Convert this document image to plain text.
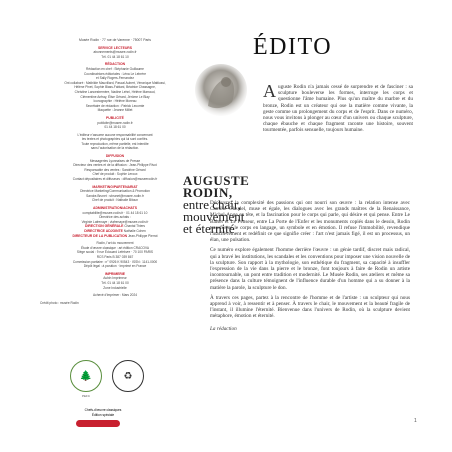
Musée Rodin · 77 rue de Varenne · 75007 Paris

SERVICE LECTEURS

abonnements@musee-rodin.fr

Tél. 01 44 18 61 10

RÉDACTION

Rédaction en chef : Stéphanie Guillaume

Coordinatrices éditoriales : Léna Le Lebrère

et Sally Rogers-Fernandez

Ont collaboré : Mathilde Mauvillard, Pascal Aubert, Véronique Mattiussi,

Hélène Pinet, Sophie Biass-Fabiani, Béatrice Chassagne,

Christine Lancestremère, Nadine Lehni, Hélène Marraud,

Clémentine Anfray, Élise Gérard, Jérôme Le Blay

Iconographie : Hélène Moreau

Secrétaire de rédaction : Patrick Lecomte

Maquette : Jeanne Millet

PUBLICITÉ

publicite@musee-rodin.fr

01 44 18 61 00

L'éditeur n'assume aucune responsabilité concernant

les textes et photographies qui lui sont confiés.

Toute reproduction, même partielle, est interdite

sans l'autorisation de la rédaction.

DIFFUSION

Messageries Lyonnaises de Presse

Directeur des ventes et de la diffusion : Jean-Philippe Rivot

Responsable des ventes : Sandrine Gérard

Chef de produit : Sophie Leroux

Contact dépositaires et diffuseurs : diffusion@museerodin.fr

MARKETING/PARTENARIAT

Directrice Marketing/Communication & Promotion

Sandra Brunet : sbrunet@musee-rodin.fr

Chef de produit : Nathalie Bitoun

ADMINISTRATION/ACHATS

comptabilite@musee-rodin.fr · 01 44 18 61 10

Directrice des achats :

Virginie Lafrenaye : vlafrenaye@musee-rodin.fr

DIRECTION GÉNÉRALE Chantal Thiers

DIRECTRICE ADJOINTE Nathalie Cohen

DIRECTEUR DE LA PUBLICATION Jean-Philippe Pierrot

Rodin, l'art du mouvement

Étude d'œuvre classique : art édition CRACOVA

Siège social : 9 rue Édouard Lefebvre · 70 100 PARIS

RCS Paris B 387 039 867

Commission paritaire : n° 0926 K 90543 · ISSN : 1141-0000

Dépôt légal : à parution · Imprimé en France

IMPRIMERIE

Aubin Imprimeur

Tél. 01 44 18 61 00

Zone Industrielle

Achevé d'imprimer : Mars 2024

Crédit photo : musée Rodin

🌲
PEFC
♻

Chefs-d'œuvre classiques

Édition spéciale

ÉDITO
AUGUSTE
RODIN,
entre chair,
mouvement
et éternité

Auguste Rodin n'a jamais cessé de surprendre et de fasciner : sa sculpture bouleverse les formes, interroge les corps et questionne l'âme humaine. Plus qu'un maître du marbre et du bronze, Rodin est un créateur qui ose la matière comme vivante, la geste comme un prolongement du corps et de l'esprit. Dans ce numéro, nous vous invitons à plonger au cœur d'un univers ou chaque sculpture, chaque ébauche et chaque fragment raconte une histoire, souvent tourmentée, parfois sensuelle, toujours humaine.

Découvrez la complexité des passions qui ont nourri son œuvre : la relation intense avec Camille Claudel, muse et égale, les dialogues avec les grands maîtres de la Renaissance, Michel-Ange en tête, et la fascination pour le corps qui parle, qui désire et qui pense. Entre Le Baiser et Le Penseur, entre La Porte de l'Enfer et les monuments copiés dans le dessin, Rodin transforme le corps en langage, un symbole et en émotion. Il refuse l'immobilité, revendique l'inachèvement et redéfinit ce que signifie créer : l'art n'est jamais figé, il est un processus, un élan, une pulsation.

Ce numéro explore également l'homme derrière l'œuvre : un génie tardif, discret mais radical, qui a bravé les institutions, les scandales et les conventions pour imposer une vision nouvelle de la sculpture. Son rapport à la mythologie, son esthétique du fragment, sa capacité à insuffler l'expression de la vie dans la pierre et le bronze, font toujours à faire de Rodin un artiste incontournable, un pont entre tradition et modernité. Le Musée Rodin, ses ateliers et même sa présence dans la culture témoignent de l'influence durable d'un homme qui a su donner à la matière la parole, la sculpture le don.

À travers ces pages, partez à la rencontre de l'homme et de l'artiste : un sculpteur qui nous apprend à voir, à ressentir et à penser. À travers le chair, le mouvement et la beauté fragile de l'instant, il illumine l'éternité. Bienvenue dans l'univers de Rodin, où la sculpture devient métaphore, émotion et éternité.

La rédaction

1
